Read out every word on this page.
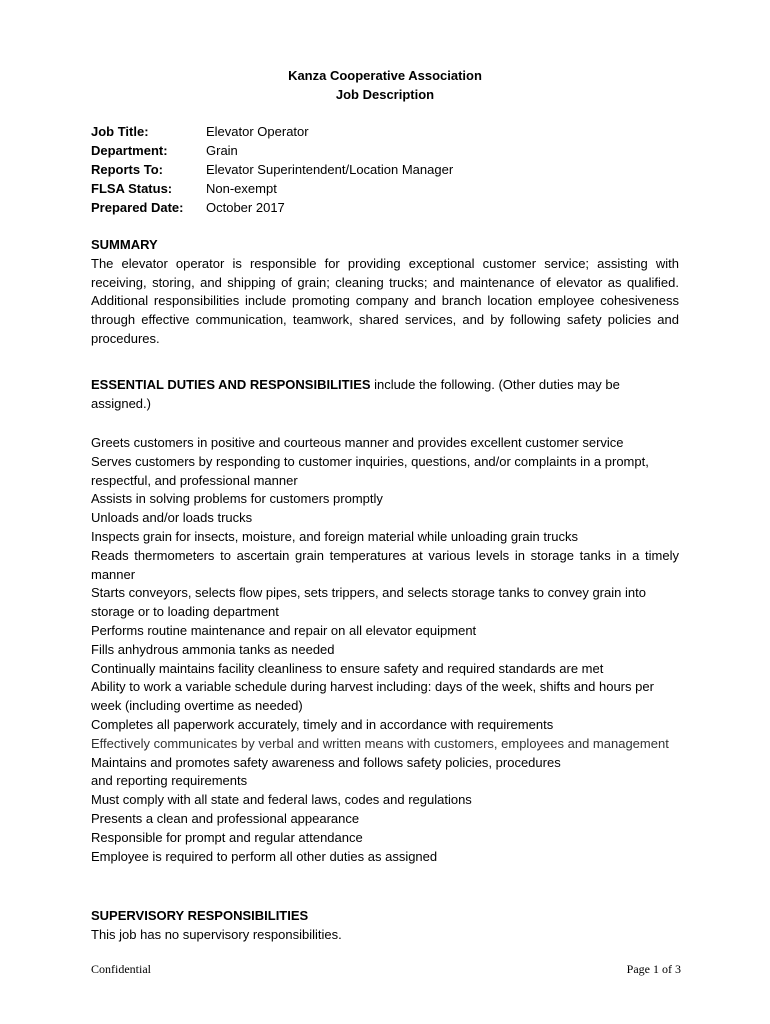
Kanza Cooperative Association
Job Description
Job Title:	Elevator Operator
Department:	Grain
Reports To:	Elevator Superintendent/Location Manager
FLSA Status:	Non-exempt
Prepared Date:	October 2017
SUMMARY
The elevator operator is responsible for providing exceptional customer service; assisting with receiving, storing, and shipping of grain; cleaning trucks; and maintenance of elevator as qualified. Additional responsibilities include promoting company and branch location employee cohesiveness through effective communication, teamwork, shared services, and by following safety policies and procedures.
ESSENTIAL DUTIES AND RESPONSIBILITIES include the following. (Other duties may be assigned.)
Greets customers in positive and courteous manner and provides excellent customer service
Serves customers by responding to customer inquiries, questions, and/or complaints in a prompt, respectful, and professional manner
Assists in solving problems for customers promptly
Unloads and/or loads trucks
Inspects grain for insects, moisture, and foreign material while unloading grain trucks
Reads thermometers to ascertain grain temperatures at various levels in storage tanks in a timely manner
Starts conveyors, selects flow pipes, sets trippers, and selects storage tanks to convey grain into storage or to loading department
Performs routine maintenance and repair on all elevator equipment
Fills anhydrous ammonia tanks as needed
Continually maintains facility cleanliness to ensure safety and required standards are met
Ability to work a variable schedule during harvest including: days of the week, shifts and hours per week (including overtime as needed)
Completes all paperwork accurately, timely and in accordance with requirements
Effectively communicates by verbal and written means with customers, employees and management
Maintains and promotes safety awareness and follows safety policies, procedures
and reporting requirements
Must comply with all state and federal laws, codes and regulations
Presents a clean and professional appearance
Responsible for prompt and regular attendance
Employee is required to perform all other duties as assigned
SUPERVISORY RESPONSIBILITIES
This job has no supervisory responsibilities.
Confidential	Page 1 of 3
